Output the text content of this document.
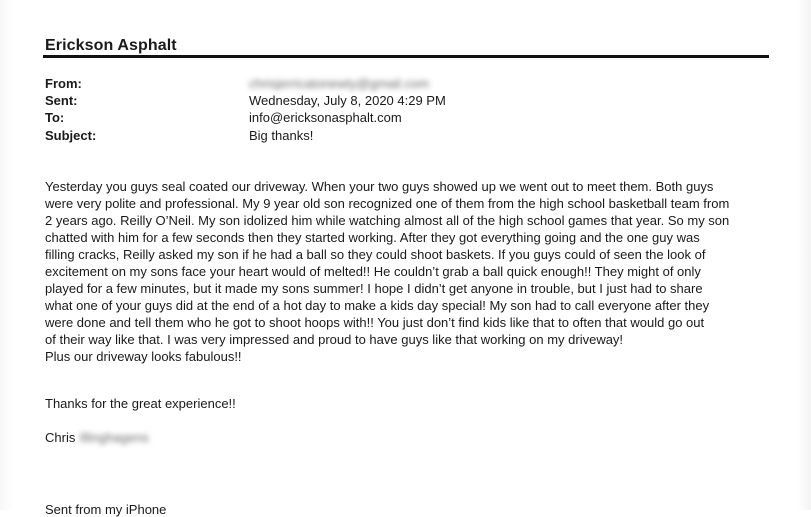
Erickson Asphalt
From:	chrisjerricatonewty@gmail.com
Sent:	Wednesday, July 8, 2020 4:29 PM
To:	info@ericksonasphalt.com
Subject:	Big thanks!
Yesterday you guys seal coated our driveway. When your two guys showed up we went out to meet them. Both guys
were very polite and professional. My 9 year old son recognized one of them from the high school basketball team from
2 years ago. Reilly O’Neil. My son idolized him while watching almost all of the high school games that year. So my son
chatted with him for a few seconds then they started working. After they got everything going and the one guy was
filling cracks, Reilly asked my son if he had a ball so they could shoot baskets. If you guys could of seen the look of
excitement on my sons face your heart would of melted!! He couldn’t grab a ball quick enough!! They might of only
played for a few minutes, but it made my sons summer! I hope I didn’t get anyone in trouble, but I just had to share
what one of your guys did at the end of a hot day to make a kids day special! My son had to call everyone after they
were done and tell them who he got to shoot hoops with!! You just don’t find kids like that to often that would go out
of their way like that. I was very impressed and proud to have guys like that working on my driveway!
Plus our driveway looks fabulous!!
Thanks for the great experience!!
Chris Illinghagens
Sent from my iPhone
